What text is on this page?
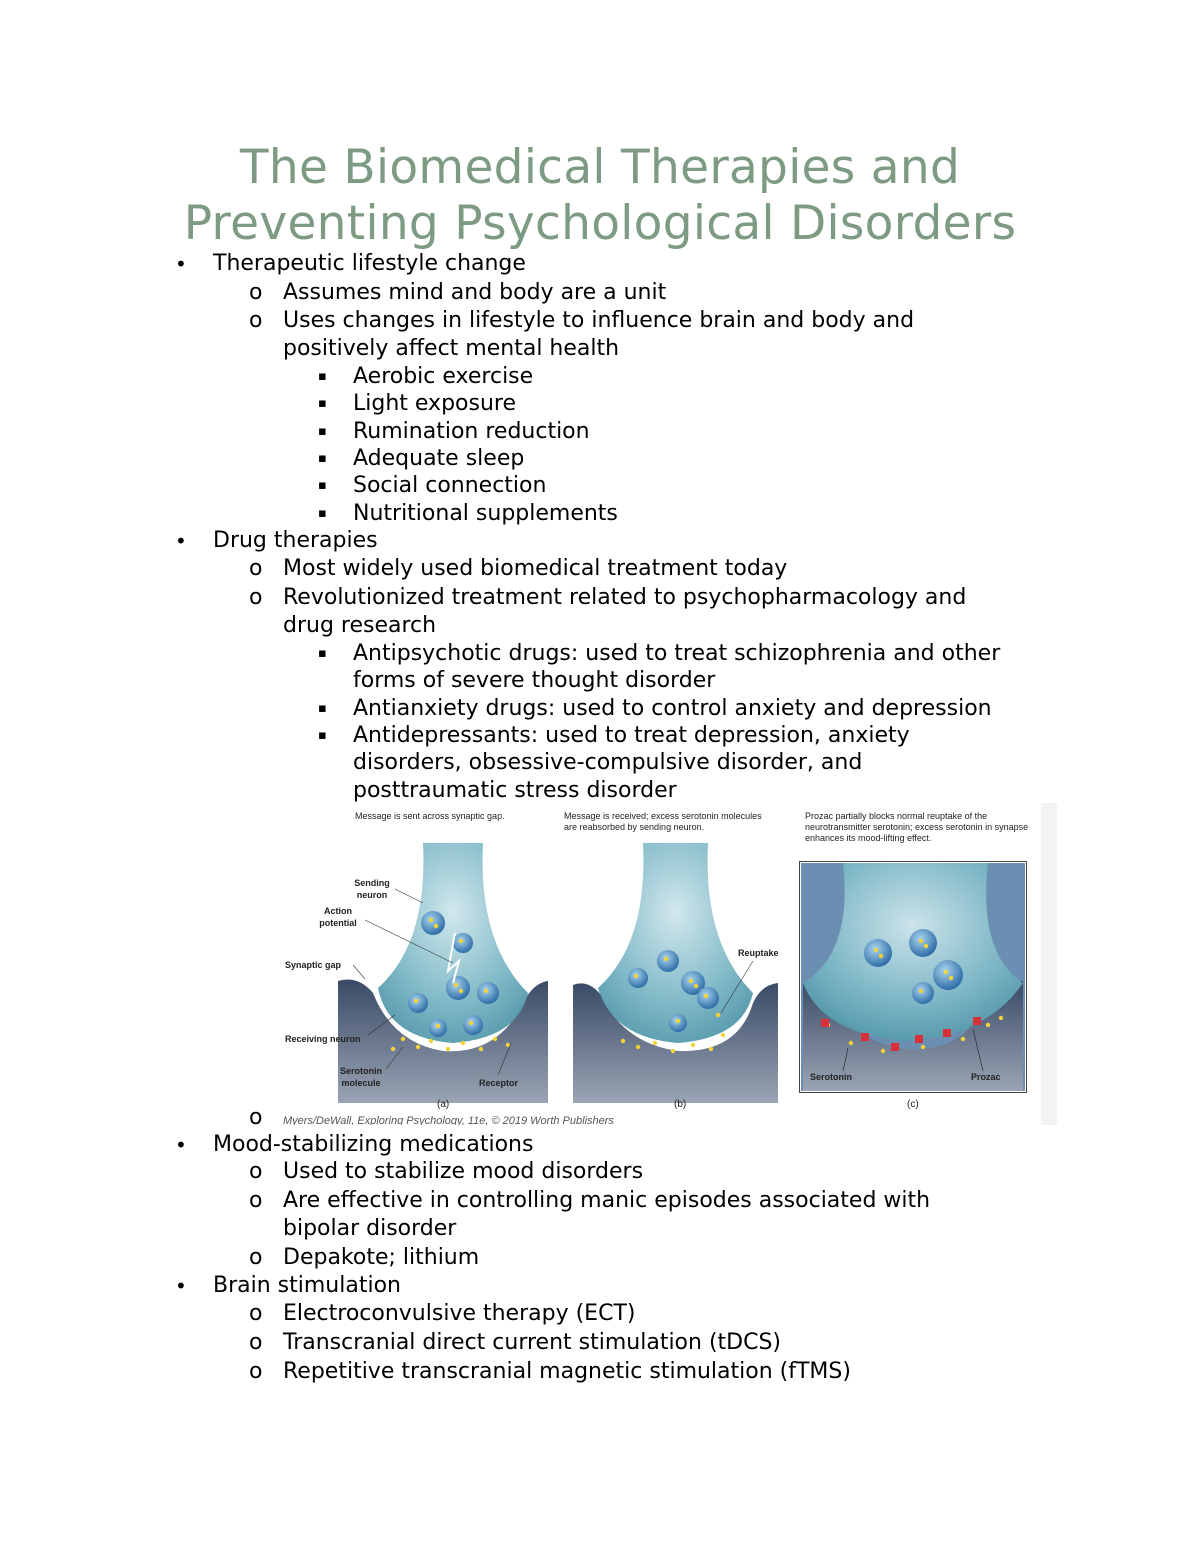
The Biomedical Therapies and
Preventing Psychological Disorders
• Therapeutic lifestyle change
o Assumes mind and body are a unit
o Uses changes in lifestyle to influence brain and body and
positively affect mental health
▪ Aerobic exercise
▪ Light exposure
▪ Rumination reduction
▪ Adequate sleep
▪ Social connection
▪ Nutritional supplements
• Drug therapies
o Most widely used biomedical treatment today
o Revolutionized treatment related to psychopharmacology and
drug research
▪ Antipsychotic drugs: used to treat schizophrenia and other
forms of severe thought disorder
▪ Antianxiety drugs: used to control anxiety and depression
▪ Antidepressants: used to treat depression, anxiety
disorders, obsessive-compulsive disorder, and
posttraumatic stress disorder
Message is sent across synaptic gap.	Message is received; excess serotonin molecules are reabsorbed by sending neuron.
Prozac partially blocks normal reuptake of the neurotransmitter serotonin; excess serotonin in synapse enhances its mood-lifting effect.
Sending neuron
Action potential
Synaptic gap
Receiving neuron
Serotonin molecule	Receptor
Reuptake
Serotonin	Prozac
(a)	(b)	(c)
Myers/DeWall, Exploring Psychology, 11e, © 2019 Worth Publishers
o
• Mood-stabilizing medications
o Used to stabilize mood disorders
o Are effective in controlling manic episodes associated with
bipolar disorder
o Depakote; lithium
• Brain stimulation
o Electroconvulsive therapy (ECT)
o Transcranial direct current stimulation (tDCS)
o Repetitive transcranial magnetic stimulation (fTMS)
